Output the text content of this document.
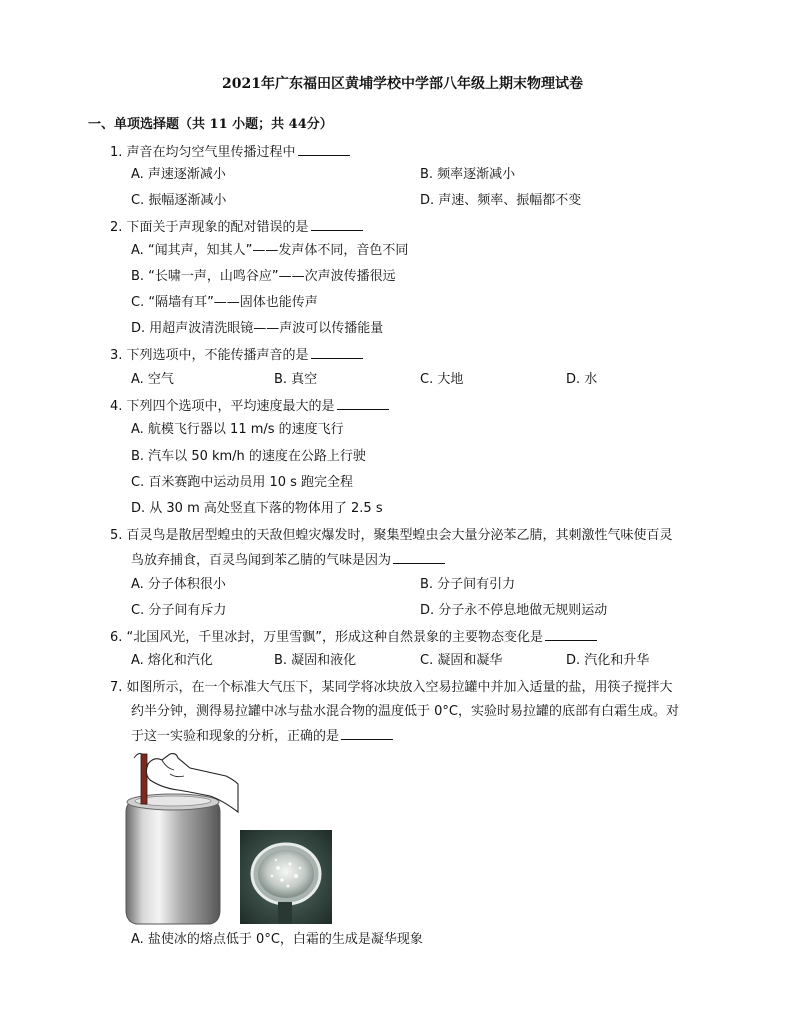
2021年广东福田区黄埔学校中学部八年级上期末物理试卷
一、单项选择题（共 11 小题；共 44分）
1. 声音在均匀空气里传播过程中
A. 声速逐渐减小	B. 频率逐渐减小
C. 振幅逐渐减小	D. 声速、频率、振幅都不变
2. 下面关于声现象的配对错误的是
A. “闻其声，知其人”——发声体不同，音色不同
B. “长啸一声，山鸣谷应”——次声波传播很远
C. “隔墙有耳”——固体也能传声
D. 用超声波清洗眼镜——声波可以传播能量
3. 下列选项中，不能传播声音的是
A. 空气	B. 真空	C. 大地	D. 水
4. 下列四个选项中，平均速度最大的是
A. 航模飞行器以 11 m/s 的速度飞行
B. 汽车以 50 km/h 的速度在公路上行驶
C. 百米赛跑中运动员用 10 s 跑完全程
D. 从 30 m 高处竖直下落的物体用了 2.5 s
5. 百灵鸟是散居型蝗虫的天敌但蝗灾爆发时，聚集型蝗虫会大量分泌苯乙腈，其刺激性气味使百灵
鸟放弃捕食，百灵鸟闻到苯乙腈的气味是因为
A. 分子体积很小	B. 分子间有引力
C. 分子间有斥力	D. 分子永不停息地做无规则运动
6. “北国风光，千里冰封，万里雪飘”，形成这种自然景象的主要物态变化是
A. 熔化和汽化	B. 凝固和液化	C. 凝固和凝华	D. 汽化和升华
7. 如图所示，在一个标准大气压下，某同学将冰块放入空易拉罐中并加入适量的盐，用筷子搅拌大
约半分钟，测得易拉罐中冰与盐水混合物的温度低于 0°C，实验时易拉罐的底部有白霜生成。对
于这一实验和现象的分析，正确的是
A. 盐使冰的熔点低于 0°C，白霜的生成是凝华现象
